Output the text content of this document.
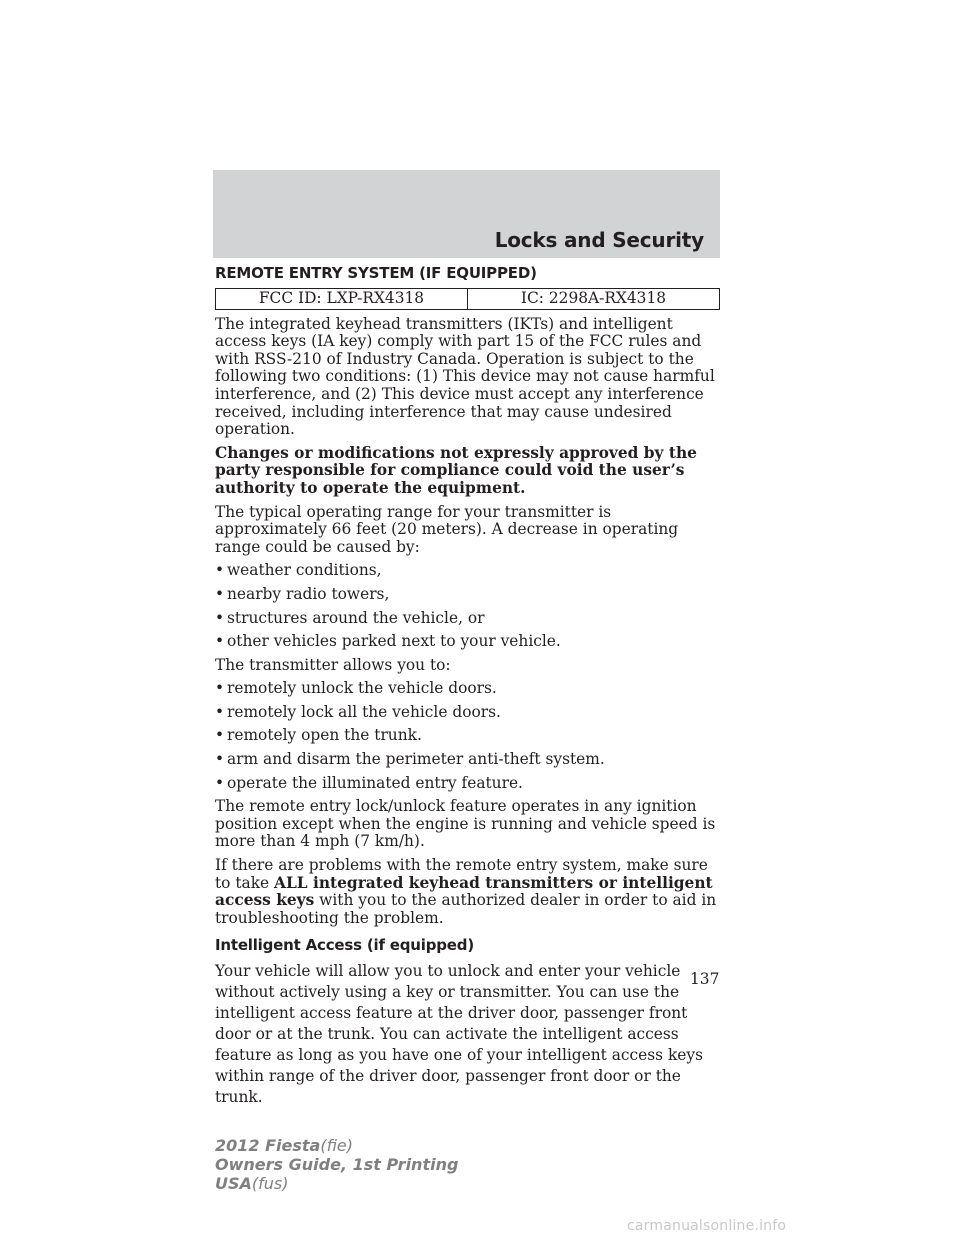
Locks and Security
REMOTE ENTRY SYSTEM (IF EQUIPPED)
FCC ID: LXP-RX4318	IC: 2298A-RX4318

The integrated keyhead transmitters (IKTs) and intelligent access keys (IA key) comply with part 15 of the FCC rules and with RSS-210 of Industry Canada. Operation is subject to the following two conditions: (1) This device may not cause harmful interference, and (2) This device must accept any interference received, including interference that may cause undesired operation.

Changes or modifications not expressly approved by the party responsible for compliance could void the user’s authority to operate the equipment.

The typical operating range for your transmitter is approximately 66 feet (20 meters). A decrease in operating range could be caused by:

• weather conditions,
• nearby radio towers,
• structures around the vehicle, or
• other vehicles parked next to your vehicle.

The transmitter allows you to:

• remotely unlock the vehicle doors.
• remotely lock all the vehicle doors.
• remotely open the trunk.
• arm and disarm the perimeter anti-theft system.
• operate the illuminated entry feature.

The remote entry lock/unlock feature operates in any ignition position except when the engine is running and vehicle speed is more than 4 mph (7 km/h).

If there are problems with the remote entry system, make sure to take ALL integrated keyhead transmitters or intelligent access keys with you to the authorized dealer in order to aid in troubleshooting the problem.

Intelligent Access (if equipped)

Your vehicle will allow you to unlock and enter your vehicle without actively using a key or transmitter. You can use the intelligent access feature at the driver door, passenger front door or at the trunk. You can activate the intelligent access feature as long as you have one of your intelligent access keys within range of the driver door, passenger front door or the trunk.

137
2012 Fiesta(fie)
Owners Guide, 1st Printing
USA(fus)
carmanualsonline.info
